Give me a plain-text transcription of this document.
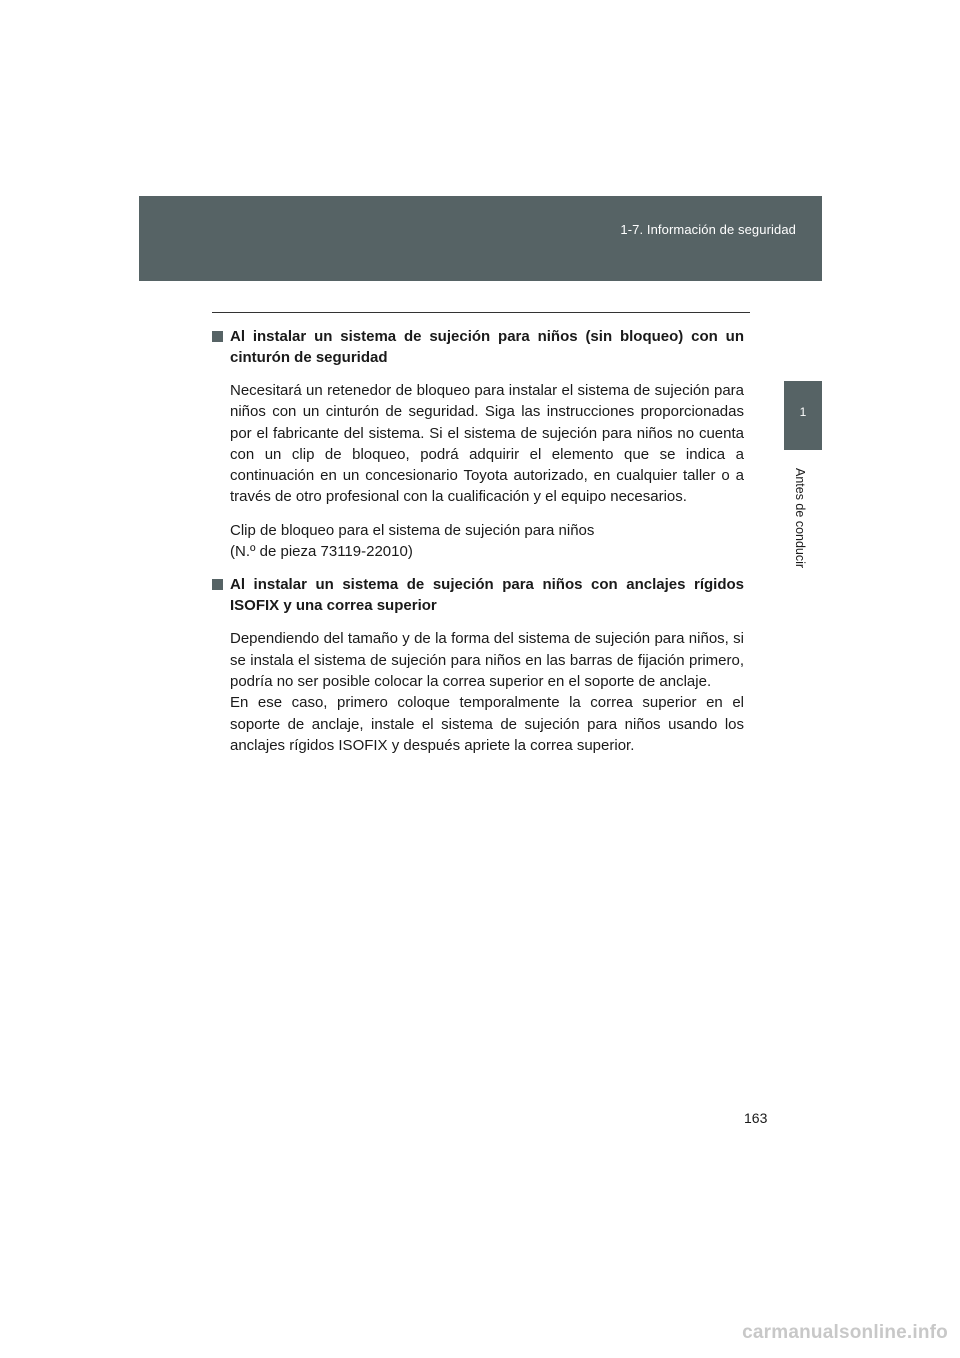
1-7. Información de seguridad
1
Antes de conducir
Al instalar un sistema de sujeción para niños (sin bloqueo) con un cinturón de seguridad

Necesitará un retenedor de bloqueo para instalar el sistema de sujeción para niños con un cinturón de seguridad. Siga las instrucciones proporcionadas por el fabricante del sistema. Si el sistema de sujeción para niños no cuenta con un clip de bloqueo, podrá adquirir el elemento que se indica a continuación en un concesionario Toyota autorizado, en cualquier taller o a través de otro profesional con la cualificación y el equipo necesarios.

Clip de bloqueo para el sistema de sujeción para niños

(N.º de pieza 73119-22010)

Al instalar un sistema de sujeción para niños con anclajes rígidos ISOFIX y una correa superior

Dependiendo del tamaño y de la forma del sistema de sujeción para niños, si se instala el sistema de sujeción para niños en las barras de fijación primero, podría no ser posible colocar la correa superior en el soporte de anclaje.

En ese caso, primero coloque temporalmente la correa superior en el soporte de anclaje, instale el sistema de sujeción para niños usando los anclajes rígidos ISOFIX y después apriete la correa superior.

163
carmanualsonline.info
